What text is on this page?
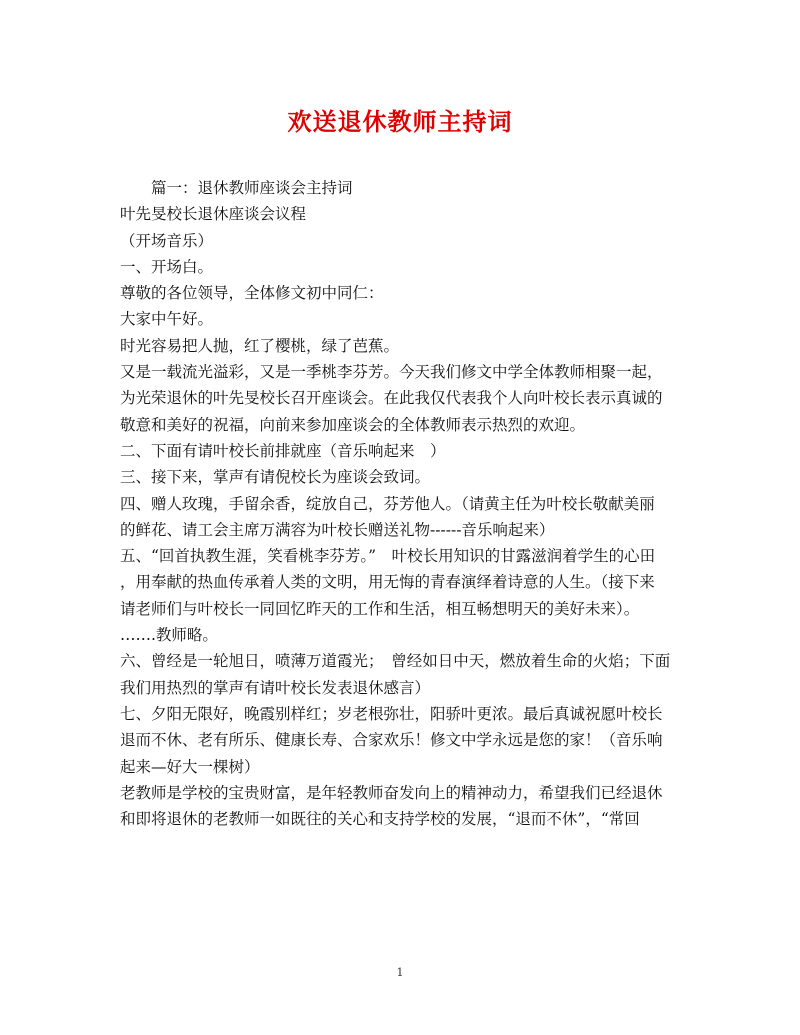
欢送退休教师主持词

篇一：退休教师座谈会主持词

叶先旻校长退休座谈会议程

（开场音乐）

一、开场白。

尊敬的各位领导，全体修文初中同仁：

大家中午好。

时光容易把人抛，红了樱桃，绿了芭蕉。

又是一载流光溢彩，又是一季桃李芬芳。今天我们修文中学全体教师相聚一起，

为光荣退休的叶先旻校长召开座谈会。在此我仅代表我个人向叶校长表示真诚的

敬意和美好的祝福，向前来参加座谈会的全体教师表示热烈的欢迎。

二、下面有请叶校长前排就座（音乐响起来　）

三、接下来，掌声有请倪校长为座谈会致词。

四、赠人玫瑰，手留余香，绽放自己，芬芳他人。（请黄主任为叶校长敬献美丽

的鲜花、请工会主席万满容为叶校长赠送礼物------音乐响起来）

五、“回首执教生涯，笑看桃李芬芳。”　叶校长用知识的甘露滋润着学生的心田

，用奉献的热血传承着人类的文明，用无悔的青春演绎着诗意的人生。（接下来

请老师们与叶校长一同回忆昨天的工作和生活，相互畅想明天的美好未来）。

…….教师略。

六、曾经是一轮旭日，喷薄万道霞光；　曾经如日中天，燃放着生命的火焰；下面

我们用热烈的掌声有请叶校长发表退休感言）

七、夕阳无限好，晚霞别样红；岁老根弥壮，阳骄叶更浓。最后真诚祝愿叶校长

退而不休、老有所乐、健康长寿、合家欢乐！修文中学永远是您的家！（音乐响

起来—好大一棵树）

老教师是学校的宝贵财富，是年轻教师奋发向上的精神动力，希望我们已经退休

和即将退休的老教师一如既往的关心和支持学校的发展，“退而不休”，“常回

1
